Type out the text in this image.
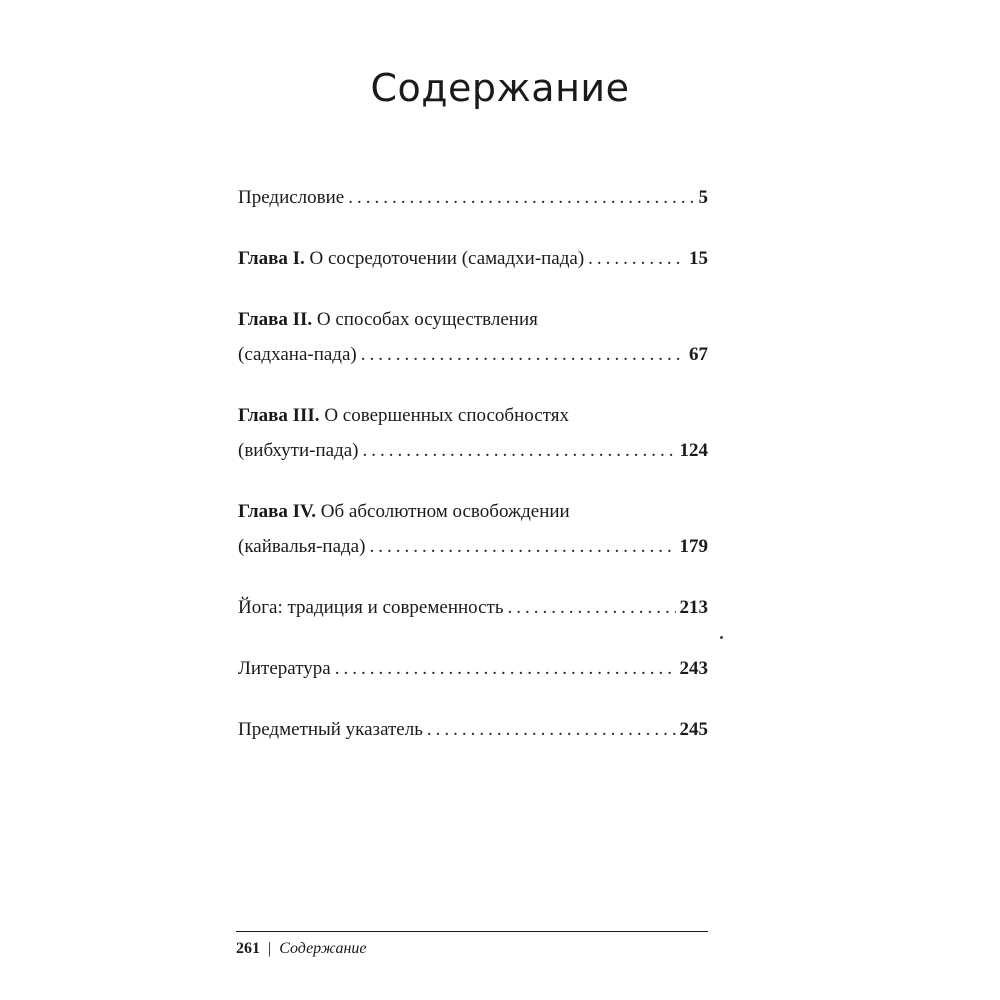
Содержание
Предисловие .....	5
Глава I. О сосредоточении (самадхи-пада) .....	15
Глава II. О способах осуществления
(садхана-пада) .....	67
Глава III. О совершенных способностях
(вибхути-пада) .....	124
Глава IV. Об абсолютном освобождении
(кайвалья-пада) .....	179
Йога: традиция и современность .....	213
Литература .....	243
Предметный указатель .....	245
261 | Содержание
